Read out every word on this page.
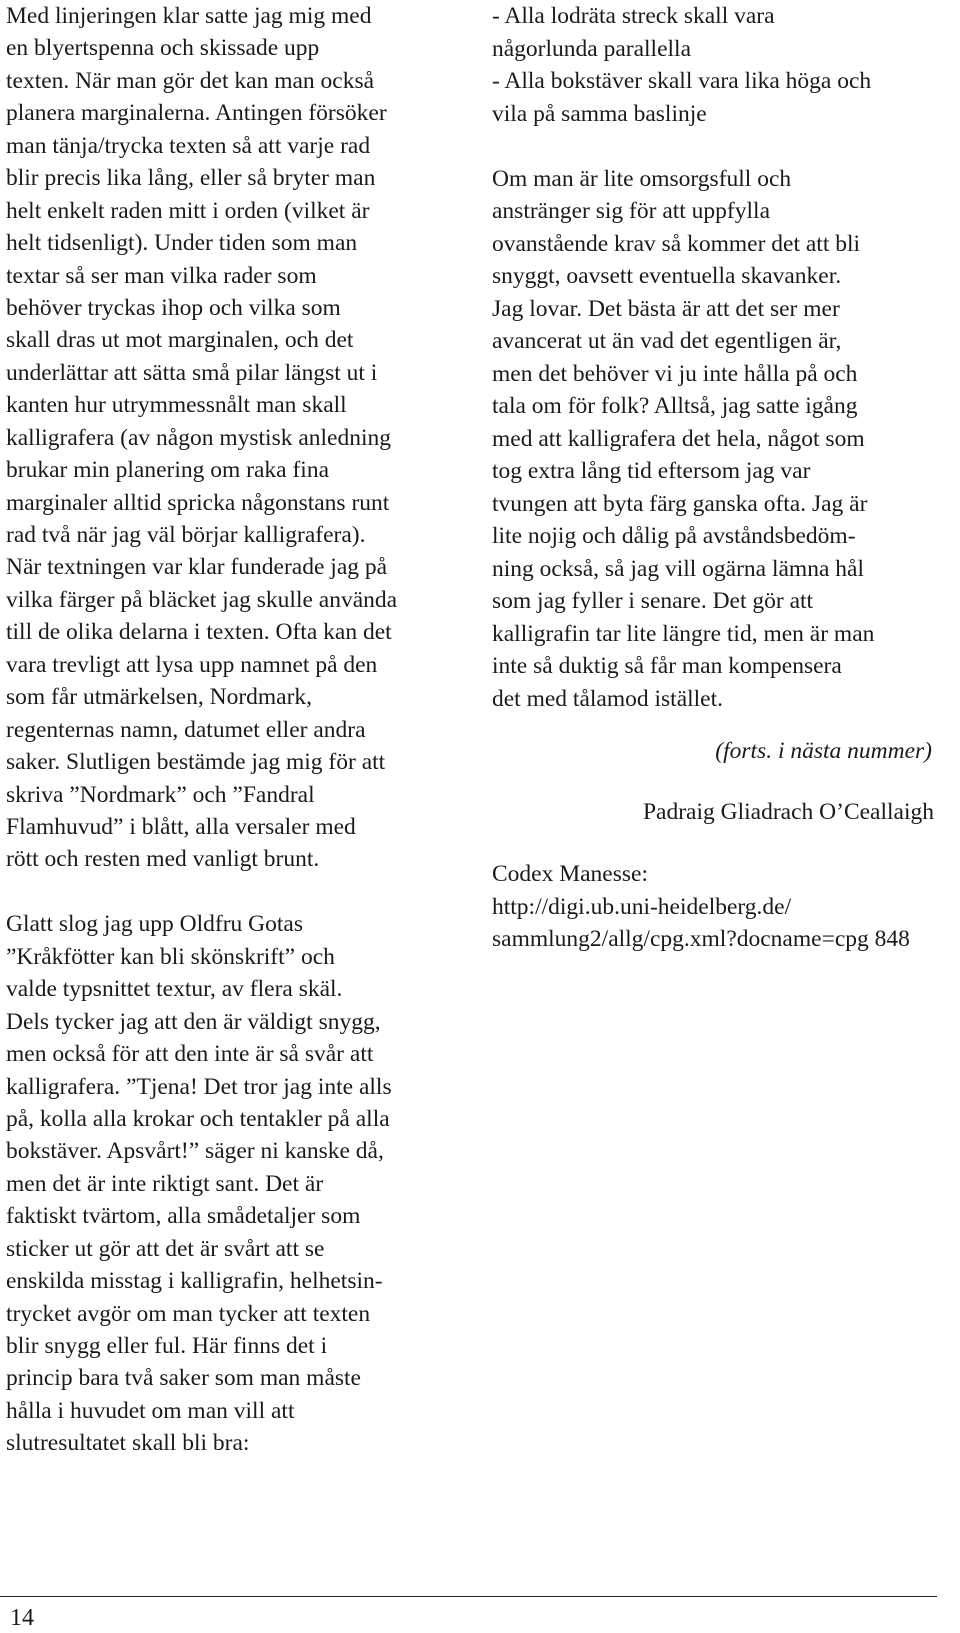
Med linjeringen klar satte jag mig med
en blyertspenna och skissade upp
texten. När man gör det kan man också
planera marginalerna. Antingen försöker
man tänja/trycka texten så att varje rad
blir precis lika lång, eller så bryter man
helt enkelt raden mitt i orden (vilket är
helt tidsenligt). Under tiden som man
textar så ser man vilka rader som
behöver tryckas ihop och vilka som
skall dras ut mot marginalen, och det
underlättar att sätta små pilar längst ut i
kanten hur utrymmessnålt man skall
kalligrafera (av någon mystisk anledning
brukar min planering om raka fina
marginaler alltid spricka någonstans runt
rad två när jag väl börjar kalligrafera).
När textningen var klar funderade jag på
vilka färger på bläcket jag skulle använda
till de olika delarna i texten. Ofta kan det
vara trevligt att lysa upp namnet på den
som får utmärkelsen, Nordmark,
regenternas namn, datumet eller andra
saker. Slutligen bestämde jag mig för att
skriva ”Nordmark” och ”Fandral
Flamhuvud” i blått, alla versaler med
rött och resten med vanligt brunt.
Glatt slog jag upp Oldfru Gotas
”Kråkfötter kan bli skönskrift” och
valde typsnittet textur, av flera skäl.
Dels tycker jag att den är väldigt snygg,
men också för att den inte är så svår att
kalligrafera. ”Tjena! Det tror jag inte alls
på, kolla alla krokar och tentakler på alla
bokstäver. Apsvårt!” säger ni kanske då,
men det är inte riktigt sant. Det är
faktiskt tvärtom, alla smådetaljer som
sticker ut gör att det är svårt att se
enskilda misstag i kalligrafin, helhetsin-
trycket avgör om man tycker att texten
blir snygg eller ful. Här finns det i
princip bara två saker som man måste
hålla i huvudet om man vill att
slutresultatet skall bli bra:
- Alla lodräta streck skall vara
någorlunda parallella
- Alla bokstäver skall vara lika höga och
vila på samma baslinje
Om man är lite omsorgsfull och
anstränger sig för att uppfylla
ovanstående krav så kommer det att bli
snyggt, oavsett eventuella skavanker.
Jag lovar. Det bästa är att det ser mer
avancerat ut än vad det egentligen är,
men det behöver vi ju inte hålla på och
tala om för folk? Alltså, jag satte igång
med att kalligrafera det hela, något som
tog extra lång tid eftersom jag var
tvungen att byta färg ganska ofta. Jag är
lite nojig och dålig på avståndsbedöm-
ning också, så jag vill ogärna lämna hål
som jag fyller i senare. Det gör att
kalligrafin tar lite längre tid, men är man
inte så duktig så får man kompensera
det med tålamod istället.
(forts. i nästa nummer)
Padraig Gliadrach O’Ceallaigh
Codex Manesse:
http://digi.ub.uni-heidelberg.de/
sammlung2/allg/cpg.xml?docname=cpg 848
14
